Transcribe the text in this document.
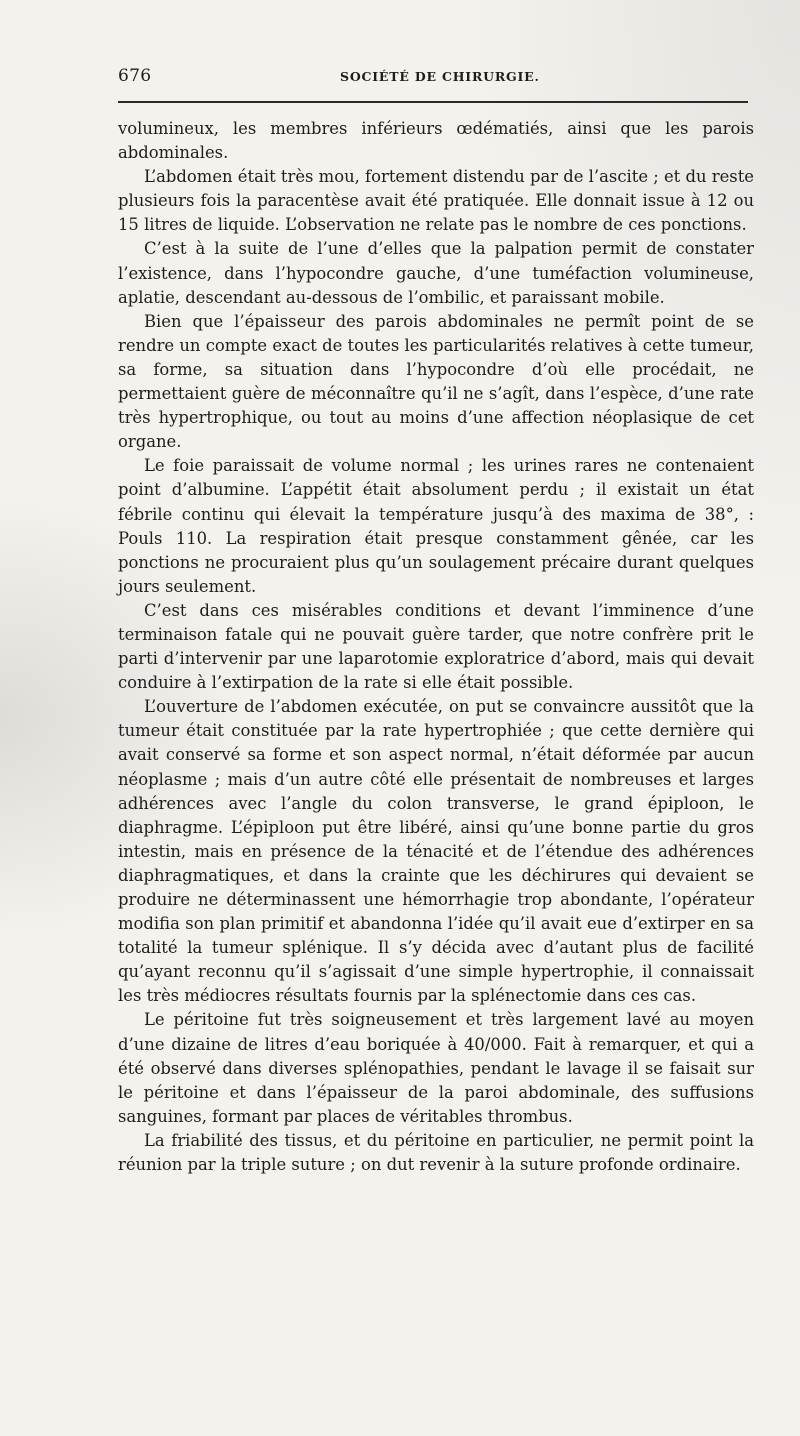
676	SOCIÉTÉ DE CHIRURGIE.

volumineux, les membres inférieurs œdématiés, ainsi que les parois abdominales.

L’abdomen était très mou, fortement distendu par de l’ascite ; et du reste plusieurs fois la paracentèse avait été pratiquée. Elle donnait issue à 12 ou 15 litres de liquide. L’observation ne relate pas le nombre de ces ponctions.

C’est à la suite de l’une d’elles que la palpation permit de constater l’existence, dans l’hypocondre gauche, d’une tuméfaction volumineuse, aplatie, descendant au-dessous de l’ombilic, et paraissant mobile.

Bien que l’épaisseur des parois abdominales ne permît point de se rendre un compte exact de toutes les particularités relatives à cette tumeur, sa forme, sa situation dans l’hypocondre d’où elle procédait, ne permettaient guère de méconnaître qu’il ne s’agît, dans l’espèce, d’une rate très hypertrophique, ou tout au moins d’une affection néoplasique de cet organe.

Le foie paraissait de volume normal ; les urines rares ne contenaient point d’albumine. L’appétit était absolument perdu ; il existait un état fébrile continu qui élevait la température jusqu’à des maxima de 38°, : Pouls 110. La respiration était presque constamment gênée, car les ponctions ne procuraient plus qu’un soulagement précaire durant quelques jours seulement.

C’est dans ces misérables conditions et devant l’imminence d’une terminaison fatale qui ne pouvait guère tarder, que notre confrère prit le parti d’intervenir par une laparotomie exploratrice d’abord, mais qui devait conduire à l’extirpation de la rate si elle était possible.

L’ouverture de l’abdomen exécutée, on put se convaincre aussitôt que la tumeur était constituée par la rate hypertrophiée ; que cette dernière qui avait conservé sa forme et son aspect normal, n’était déformée par aucun néoplasme ; mais d’un autre côté elle présentait de nombreuses et larges adhérences avec l’angle du colon transverse, le grand épiploon, le diaphragme. L’épiploon put être libéré, ainsi qu’une bonne partie du gros intestin, mais en présence de la ténacité et de l’étendue des adhérences diaphragmatiques, et dans la crainte que les déchirures qui devaient se produire ne déterminassent une hémorrhagie trop abondante, l’opérateur modifia son plan primitif et abandonna l’idée qu’il avait eue d’extirper en sa totalité la tumeur splénique. Il s’y décida avec d’autant plus de facilité qu’ayant reconnu qu’il s’agissait d’une simple hypertrophie, il connaissait les très médiocres résultats fournis par la splénectomie dans ces cas.

Le péritoine fut très soigneusement et très largement lavé au moyen d’une dizaine de litres d’eau boriquée à 40/000. Fait à remarquer, et qui a été observé dans diverses splénopathies, pendant le lavage il se faisait sur le péritoine et dans l’épaisseur de la paroi abdominale, des suffusions sanguines, formant par places de véritables thrombus.

La friabilité des tissus, et du péritoine en particulier, ne permit point la réunion par la triple suture ; on dut revenir à la suture profonde ordinaire.
